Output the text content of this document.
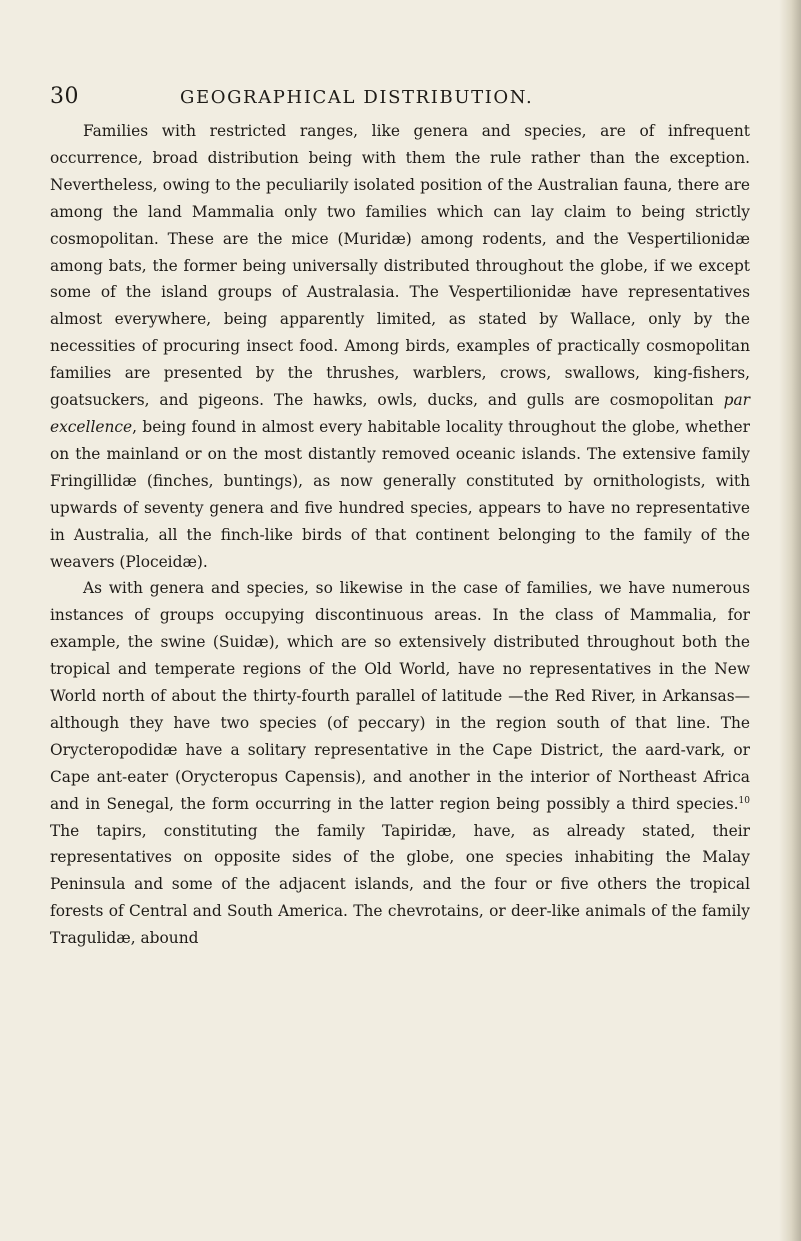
30	GEOGRAPHICAL DISTRIBUTION.

Families with restricted ranges, like genera and species, are of infrequent occurrence, broad distribution being with them the rule rather than the exception. Nevertheless, owing to the peculiarily isolated position of the Australian fauna, there are among the land Mammalia only two families which can lay claim to being strictly cosmopolitan. These are the mice (Muridæ) among rodents, and the Vespertilionidæ among bats, the former being universally distributed throughout the globe, if we except some of the island groups of Australasia. The Vespertilionidæ have representatives almost everywhere, being apparently limited, as stated by Wallace, only by the necessities of procuring insect food. Among birds, examples of practically cosmopolitan families are presented by the thrushes, warblers, crows, swallows, king-fishers, goatsuckers, and pigeons. The hawks, owls, ducks, and gulls are cosmopolitan par excellence, being found in almost every habitable locality throughout the globe, whether on the mainland or on the most distantly removed oceanic islands. The extensive family Fringillidæ (finches, buntings), as now generally constituted by ornithologists, with upwards of seventy genera and five hundred species, appears to have no representative in Australia, all the finch-like birds of that continent belonging to the family of the weavers (Ploceidæ).

As with genera and species, so likewise in the case of families, we have numerous instances of groups occupying discontinuous areas. In the class of Mammalia, for example, the swine (Suidæ), which are so extensively distributed throughout both the tropical and temperate regions of the Old World, have no representatives in the New World north of about the thirty-fourth parallel of latitude —the Red River, in Arkansas—although they have two species (of peccary) in the region south of that line. The Orycteropodidæ have a solitary representative in the Cape District, the aard-vark, or Cape ant-eater (Orycteropus Capensis), and another in the interior of Northeast Africa and in Senegal, the form occurring in the latter region being possibly a third species.$^{10}$ The tapirs, constituting the family Tapiridæ, have, as already stated, their representatives on opposite sides of the globe, one species inhabiting the Malay Peninsula and some of the adjacent islands, and the four or five others the tropical forests of Central and South America. The chevrotains, or deer-like animals of the family Tragulidæ, abound
